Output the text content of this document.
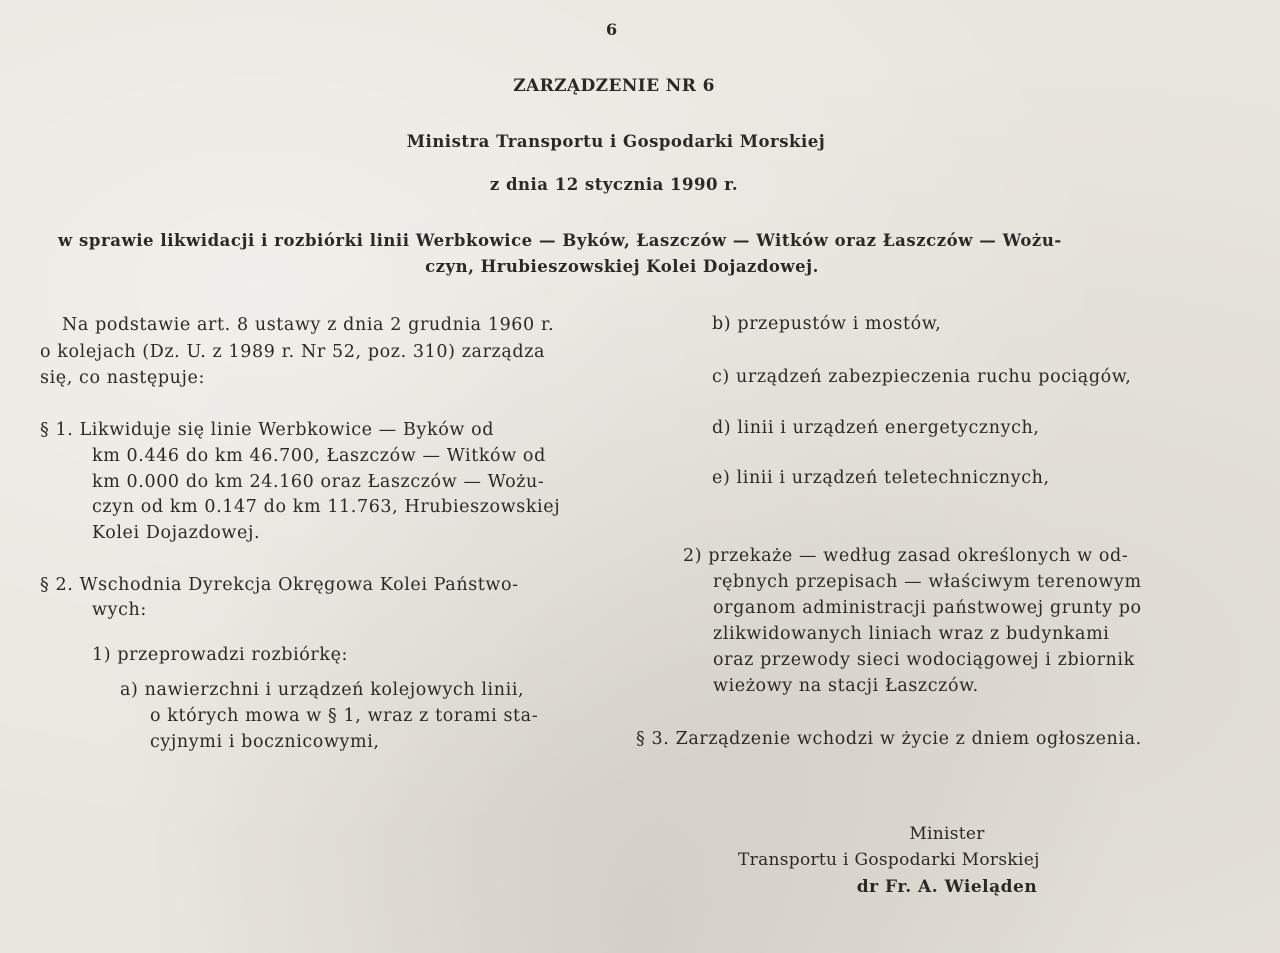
6
ZARZĄDZENIE NR 6
Ministra Transportu i Gospodarki Morskiej
z dnia 12 stycznia 1990 r.
w sprawie likwidacji i rozbiórki linii Werbkowice — Byków, Łaszczów — Witków oraz Łaszczów — Wożu-
czyn, Hrubieszowskiej Kolei Dojazdowej.
Na podstawie art. 8 ustawy z dnia 2 grudnia 1960 r.
o kolejach (Dz. U. z 1989 r. Nr 52, poz. 310) zarządza
się, co następuje:
§ 1. Likwiduje się linie Werbkowice — Byków od
km 0.446 do km 46.700, Łaszczów — Witków od
km 0.000 do km 24.160 oraz Łaszczów — Wożu-
czyn od km 0.147 do km 11.763, Hrubieszowskiej
Kolei Dojazdowej.
§ 2. Wschodnia Dyrekcja Okręgowa Kolei Państwo-
wych:
1) przeprowadzi rozbiórkę:
a) nawierzchni i urządzeń kolejowych linii,
o których mowa w § 1, wraz z torami sta-
cyjnymi i bocznicowymi,
b) przepustów i mostów,
c) urządzeń zabezpieczenia ruchu pociągów,
d) linii i urządzeń energetycznych,
e) linii i urządzeń teletechnicznych,
2) przekaże — według zasad określonych w od-
rębnych przepisach — właściwym terenowym
organom administracji państwowej grunty po
zlikwidowanych liniach wraz z budynkami
oraz przewody sieci wodociągowej i zbiornik
wieżowy na stacji Łaszczów.
§ 3. Zarządzenie wchodzi w życie z dniem ogłoszenia.
Minister
Transportu i Gospodarki Morskiej
dr Fr. A. Wieląden
